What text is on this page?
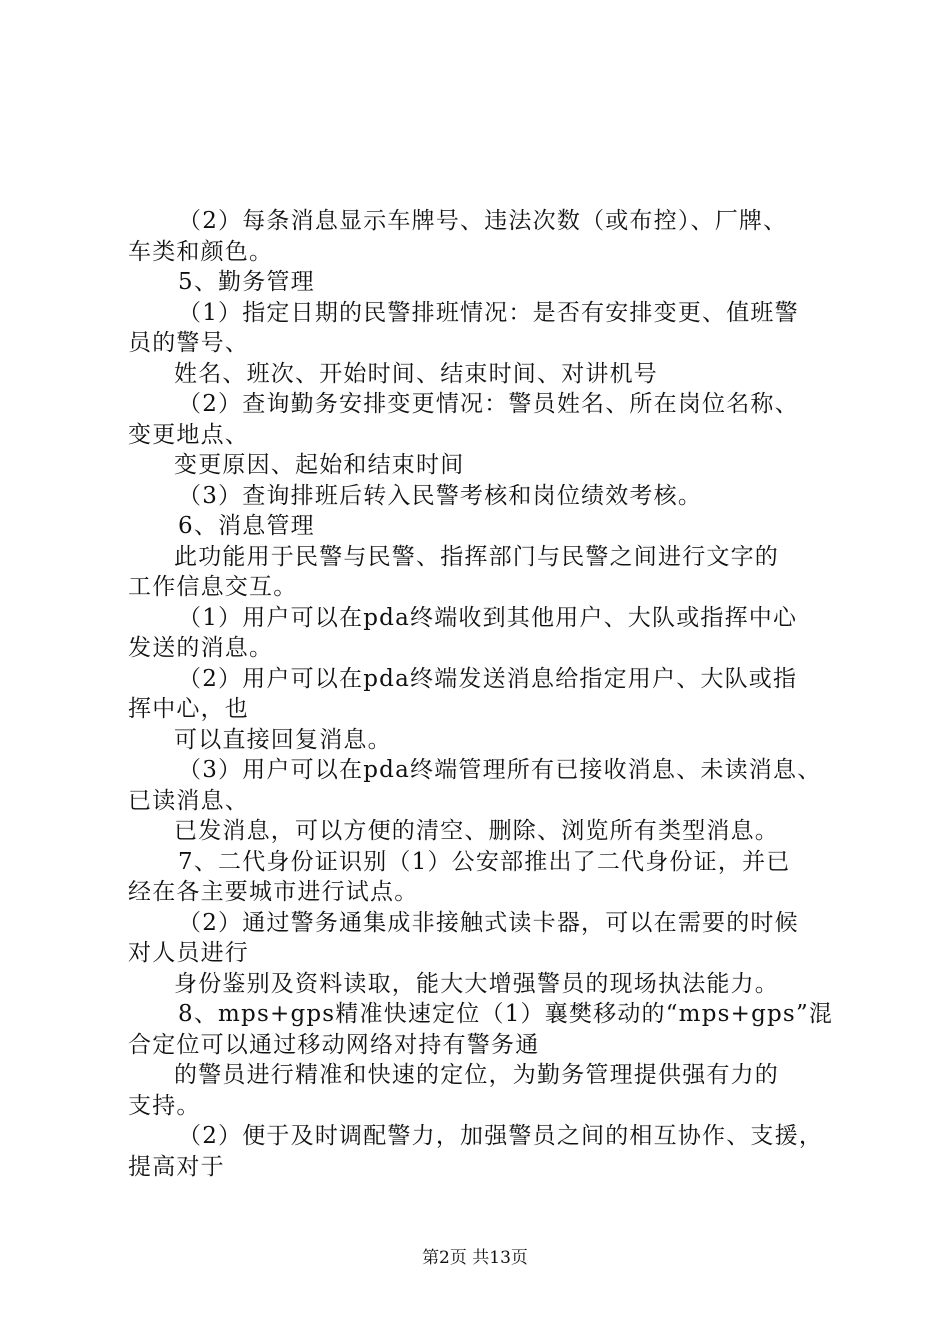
（2）每条消息显示车牌号、违法次数（或布控）、厂牌、
车类和颜色。
5、勤务管理
（1）指定日期的民警排班情况：是否有安排变更、值班警
员的警号、
姓名、班次、开始时间、结束时间、对讲机号
（2）查询勤务安排变更情况：警员姓名、所在岗位名称、
变更地点、
变更原因、起始和结束时间
（3）查询排班后转入民警考核和岗位绩效考核。
6、消息管理
此功能用于民警与民警、指挥部门与民警之间进行文字的
工作信息交互。
（1）用户可以在pda终端收到其他用户、大队或指挥中心
发送的消息。
（2）用户可以在pda终端发送消息给指定用户、大队或指
挥中心，也
可以直接回复消息。
（3）用户可以在pda终端管理所有已接收消息、未读消息、
已读消息、
已发消息，可以方便的清空、删除、浏览所有类型消息。
7、二代身份证识别（1）公安部推出了二代身份证，并已
经在各主要城市进行试点。
（2）通过警务通集成非接触式读卡器，可以在需要的时候
对人员进行
身份鉴别及资料读取，能大大增强警员的现场执法能力。
8、mps+gps精准快速定位（1）襄樊移动的“mps+gps”混
合定位可以通过移动网络对持有警务通
的警员进行精准和快速的定位，为勤务管理提供强有力的
支持。
（2）便于及时调配警力，加强警员之间的相互协作、支援，
提高对于
第2页 共13页
